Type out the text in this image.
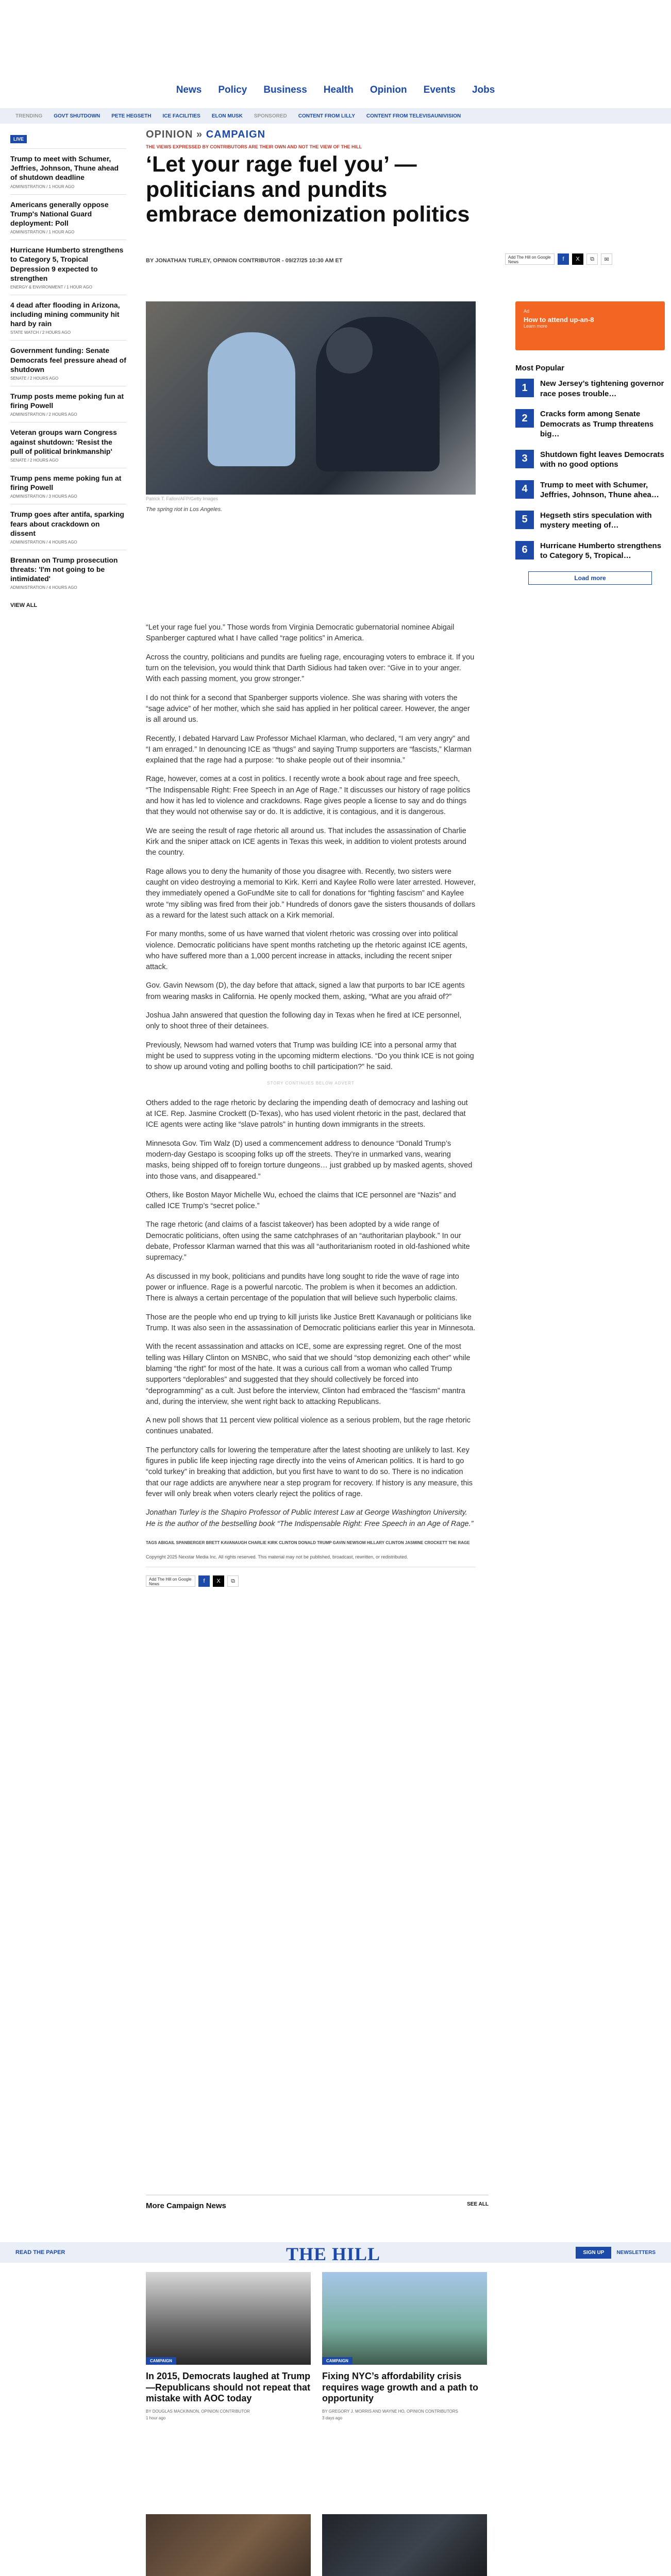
News Policy Business Health Opinion Events Jobs
TRENDING GOVT SHUTDOWN PETE HEGSETH ICE FACILITIES ELON MUSK SPONSORED CONTENT FROM LILLY CONTENT FROM TELEVISAUNIVISION
LIVE
Trump to meet with Schumer, Jeffries, Johnson, Thune ahead of shutdown deadline
ADMINISTRATION / 1 HOUR AGO
Americans generally oppose Trump's National Guard deployment: Poll
ADMINISTRATION / 1 HOUR AGO
Hurricane Humberto strengthens to Category 5, Tropical Depression 9 expected to strengthen
ENERGY & ENVIRONMENT / 1 HOUR AGO
4 dead after flooding in Arizona, including mining community hit hard by rain
STATE WATCH / 2 HOURS AGO
Government funding: Senate Democrats feel pressure ahead of shutdown
SENATE / 2 HOURS AGO
Trump posts meme poking fun at firing Powell
ADMINISTRATION / 2 HOURS AGO
Veteran groups warn Congress against shutdown: 'Resist the pull of political brinkmanship'
SENATE / 2 HOURS AGO
Trump pens meme poking fun at firing Powell
ADMINISTRATION / 3 HOURS AGO
Trump goes after antifa, sparking fears about crackdown on dissent
ADMINISTRATION / 4 HOURS AGO
Brennan on Trump prosecution threats: 'I'm not going to be intimidated'
ADMINISTRATION / 4 HOURS AGO
VIEW ALL
OPINION » CAMPAIGN
THE VIEWS EXPRESSED BY CONTRIBUTORS ARE THEIR OWN AND NOT THE VIEW OF THE HILL
‘Let your rage fuel you’ — politicians and pundits embrace demonization politics
BY JONATHAN TURLEY, OPINION CONTRIBUTOR - 09/27/25 10:30 AM ET
Add The Hill on Google News	f	X	⧉	✉
Patrick T. Fallon/AFP/Getty Images
The spring riot in Los Angeles.

“Let your rage fuel you.” Those words from Virginia Democratic gubernatorial nominee Abigail Spanberger captured what I have called “rage politics” in America.

Across the country, politicians and pundits are fueling rage, encouraging voters to embrace it. If you turn on the television, you would think that Darth Sidious had taken over: “Give in to your anger. With each passing moment, you grow stronger.”

I do not think for a second that Spanberger supports violence. She was sharing with voters the “sage advice” of her mother, which she said has applied in her political career. However, the anger is all around us.

Recently, I debated Harvard Law Professor Michael Klarman, who declared, “I am very angry” and “I am enraged.” In denouncing ICE as “thugs” and saying Trump supporters are “fascists,” Klarman explained that the rage had a purpose: “to shake people out of their insomnia.”

Rage, however, comes at a cost in politics. I recently wrote a book about rage and free speech, “The Indispensable Right: Free Speech in an Age of Rage.” It discusses our history of rage politics and how it has led to violence and crackdowns. Rage gives people a license to say and do things that they would not otherwise say or do. It is addictive, it is contagious, and it is dangerous.

We are seeing the result of rage rhetoric all around us. That includes the assassination of Charlie Kirk and the sniper attack on ICE agents in Texas this week, in addition to violent protests around the country.

Rage allows you to deny the humanity of those you disagree with. Recently, two sisters were caught on video destroying a memorial to Kirk. Kerri and Kaylee Rollo were later arrested. However, they immediately opened a GoFundMe site to call for donations for “fighting fascism” and Kaylee wrote “my sibling was fired from their job.” Hundreds of donors gave the sisters thousands of dollars as a reward for the latest such attack on a Kirk memorial.

For many months, some of us have warned that violent rhetoric was crossing over into political violence. Democratic politicians have spent months ratcheting up the rhetoric against ICE agents, who have suffered more than a 1,000 percent increase in attacks, including the recent sniper attack.

Gov. Gavin Newsom (D), the day before that attack, signed a law that purports to bar ICE agents from wearing masks in California. He openly mocked them, asking, “What are you afraid of?”

Joshua Jahn answered that question the following day in Texas when he fired at ICE personnel, only to shoot three of their detainees.

Previously, Newsom had warned voters that Trump was building ICE into a personal army that might be used to suppress voting in the upcoming midterm elections. “Do you think ICE is not going to show up around voting and polling booths to chill participation?” he said.

STORY CONTINUES BELOW ADVERT

Others added to the rage rhetoric by declaring the impending death of democracy and lashing out at ICE. Rep. Jasmine Crockett (D-Texas), who has used violent rhetoric in the past, declared that ICE agents were acting like “slave patrols” in hunting down immigrants in the streets.

Minnesota Gov. Tim Walz (D) used a commencement address to denounce “Donald Trump’s modern-day Gestapo is scooping folks up off the streets. They’re in unmarked vans, wearing masks, being shipped off to foreign torture dungeons… just grabbed up by masked agents, shoved into those vans, and disappeared.”

Others, like Boston Mayor Michelle Wu, echoed the claims that ICE personnel are “Nazis” and called ICE Trump’s “secret police.”

The rage rhetoric (and claims of a fascist takeover) has been adopted by a wide range of Democratic politicians, often using the same catchphrases of an “authoritarian playbook.” In our debate, Professor Klarman warned that this was all “authoritarianism rooted in old-fashioned white supremacy.”

As discussed in my book, politicians and pundits have long sought to ride the wave of rage into power or influence. Rage is a powerful narcotic. The problem is when it becomes an addiction. There is always a certain percentage of the population that will believe such hyperbolic claims.

Those are the people who end up trying to kill jurists like Justice Brett Kavanaugh or politicians like Trump. It was also seen in the assassination of Democratic politicians earlier this year in Minnesota.

With the recent assassination and attacks on ICE, some are expressing regret. One of the most telling was Hillary Clinton on MSNBC, who said that we should “stop demonizing each other” while blaming “the right” for most of the hate. It was a curious call from a woman who called Trump supporters “deplorables” and suggested that they should collectively be forced into “deprogramming” as a cult. Just before the interview, Clinton had embraced the “fascism” mantra and, during the interview, she went right back to attacking Republicans.

A new poll shows that 11 percent view political violence as a serious problem, but the rage rhetoric continues unabated.

The perfunctory calls for lowering the temperature after the latest shooting are unlikely to last. Key figures in public life keep injecting rage directly into the veins of American politics. It is hard to go “cold turkey” in breaking that addiction, but you first have to want to do so. There is no indication that our rage addicts are anywhere near a step program for recovery. If history is any measure, this fever will only break when voters clearly reject the politics of rage.

Jonathan Turley is the Shapiro Professor of Public Interest Law at George Washington University. He is the author of the bestselling book “The Indispensable Right: Free Speech in an Age of Rage.”

TAGS ABIGAIL SPANBERGER BRETT KAVANAUGH CHARLIE KIRK CLINTON DONALD TRUMP GAVIN NEWSOM HILLARY CLINTON JASMINE CROCKETT THE RAGE
Copyright 2025 Nexstar Media Inc. All rights reserved. This material may not be published, broadcast, rewritten, or redistributed.
Add The Hill on Google News	f	X	⧉
Ad
How to attend up-an-8
Learn more
Most Popular
1	New Jersey’s tightening governor race poses trouble…
2	Cracks form among Senate Democrats as Trump threatens big…
3	Shutdown fight leaves Democrats with no good options
4	Trump to meet with Schumer, Jeffries, Johnson, Thune ahea…
5	Hegseth stirs speculation with mystery meeting of…
6	Hurricane Humberto strengthens to Category 5, Tropical…
Load more
More Campaign News	SEE ALL
READ THE PAPER	THE HILL	SIGN UP	NEWSLETTERS
CAMPAIGN
In 2015, Democrats laughed at Trump —Republicans should not repeat that mistake with AOC today
BY DOUGLAS MACKINNON, OPINION CONTRIBUTOR
1 hour ago
CAMPAIGN
Fixing NYC’s affordability crisis requires wage growth and a path to opportunity
BY GREGORY J. MORRIS AND WAYNE HO, OPINION CONTRIBUTORS
3 days ago
